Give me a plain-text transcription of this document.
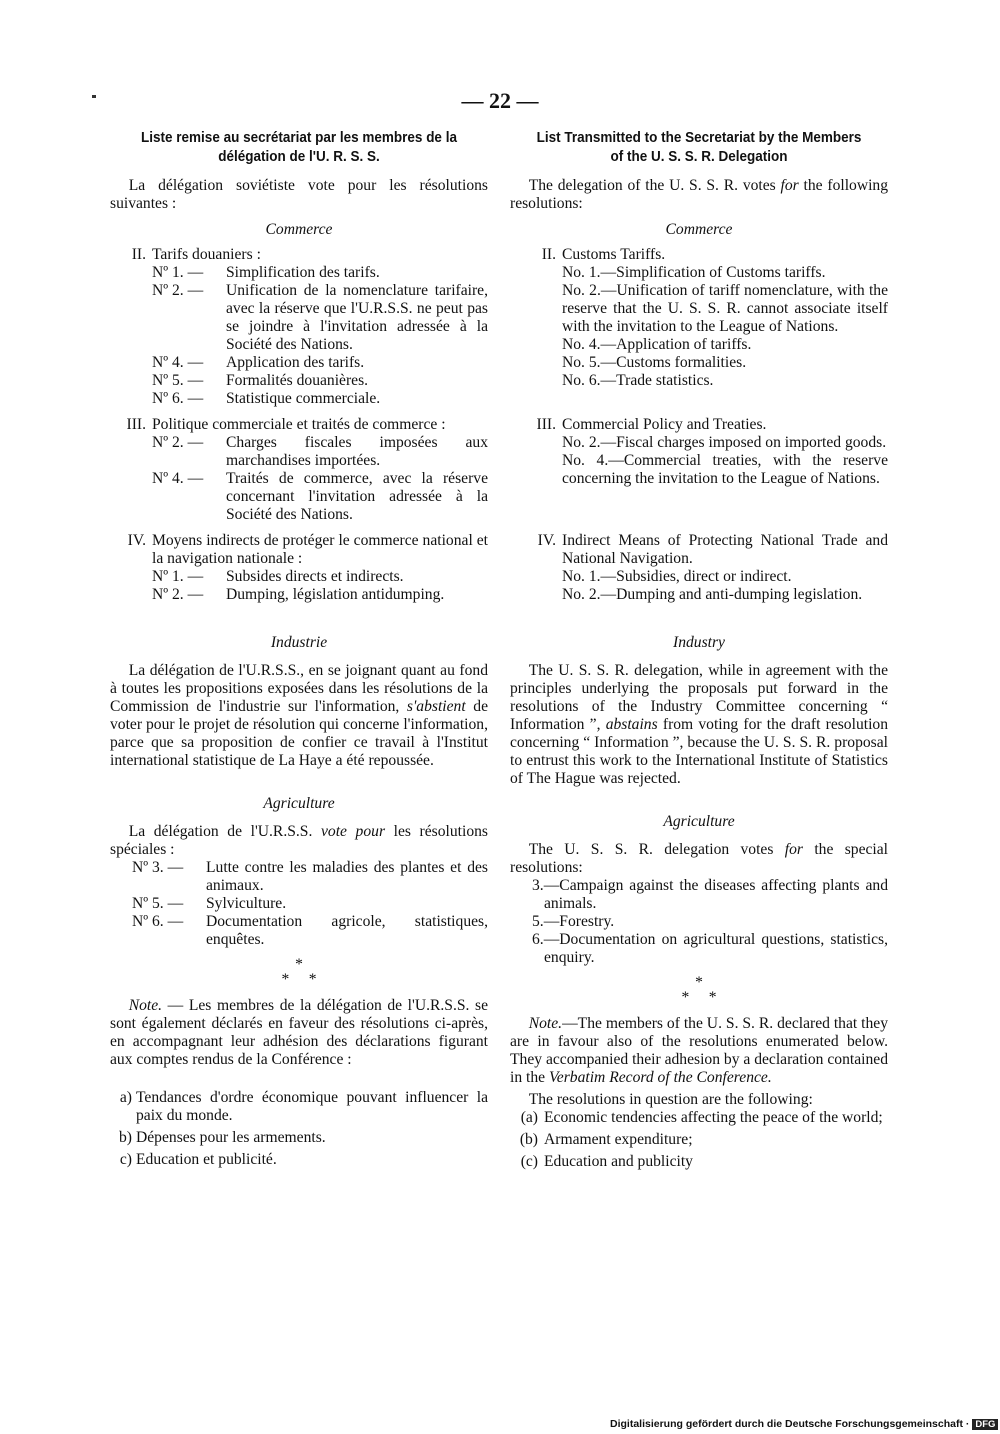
— 22 —

Liste remise au secrétariat par les membres de la délégation de l'U. R. S. S.

La délégation soviétiste vote pour les résolutions suivantes :

Commerce

II. Tarifs douaniers :

Nº 1. — Simplification des tarifs.

Nº 2. — Unification de la nomenclature tarifaire, avec la réserve que l'U.R.S.S. ne peut pas se joindre à l'invitation adressée à la Société des Nations.

Nº 4. — Application des tarifs.

Nº 5. — Formalités douanières.

Nº 6. — Statistique commerciale.

III. Politique commerciale et traités de commerce :

Nº 2. — Charges fiscales imposées aux marchandises importées.

Nº 4. — Traités de commerce, avec la réserve concernant l'invitation adressée à la Société des Nations.

IV. Moyens indirects de protéger le commerce national et la navigation nationale :

Nº 1. — Subsides directs et indirects.

Nº 2. — Dumping, législation antidumping.

Industrie

La délégation de l'U.R.S.S., en se joignant quant au fond à toutes les propositions exposées dans les résolutions de la Commission de l'industrie sur l'information, s'abstient de voter pour le projet de résolution qui concerne l'information, parce que sa proposition de confier ce travail à l'Institut international statistique de La Haye a été repoussée.

Agriculture

La délégation de l'U.R.S.S. vote pour les résolutions spéciales :

Nº 3. — Lutte contre les maladies des plantes et des animaux.

Nº 5. — Sylviculture.

Nº 6. — Documentation agricole, statistiques, enquêtes.

*

*     *

Note. — Les membres de la délégation de l'U.R.S.S. se sont également déclarés en faveur des résolutions ci-après, en accompagnant leur adhésion des déclarations figurant aux comptes rendus de la Conférence :

a) Tendances d'ordre économique pouvant influencer la paix du monde.

b) Dépenses pour les armements.

c) Education et publicité.

List Transmitted to the Secretariat by the Members of the U. S. S. R. Delegation

The delegation of the U. S. S. R. votes for the following resolutions:

Commerce

II. Customs Tariffs.

No. 1.—Simplification of Customs tariffs.

No. 2.—Unification of tariff nomenclature, with the reserve that the U. S. S. R. cannot associate itself with the invitation to the League of Nations.

No. 4.—Application of tariffs.

No. 5.—Customs formalities.

No. 6.—Trade statistics.

III. Commercial Policy and Treaties.

No. 2.—Fiscal charges imposed on imported goods.

No. 4.—Commercial treaties, with the reserve concerning the invitation to the League of Nations.

IV. Indirect Means of Protecting National Trade and National Navigation.

No. 1.—Subsidies, direct or indirect.

No. 2.—Dumping and anti-dumping legislation.

Industry

The U. S. S. R. delegation, while in agreement with the principles underlying the proposals put forward in the resolutions of the Industry Committee concerning “ Information ”, abstains from voting for the draft resolution concerning “ Information ”, because the U. S. S. R. proposal to entrust this work to the International Institute of Statistics of The Hague was rejected.

Agriculture

The U. S. S. R. delegation votes for the special resolutions:

3.—Campaign against the diseases affecting plants and animals.

5.—Forestry.

6.—Documentation on agricultural questions, statistics, enquiry.

*

*     *

Note.—The members of the U. S. S. R. declared that they are in favour also of the resolutions enumerated below. They accompanied their adhesion by a declaration contained in the Verbatim Record of the Conference.

The resolutions in question are the following:

(a) Economic tendencies affecting the peace of the world;

(b) Armament expenditure;

(c) Education and publicity

Digitalisierung gefördert durch die Deutsche Forschungsgemeinschaft · DFG
